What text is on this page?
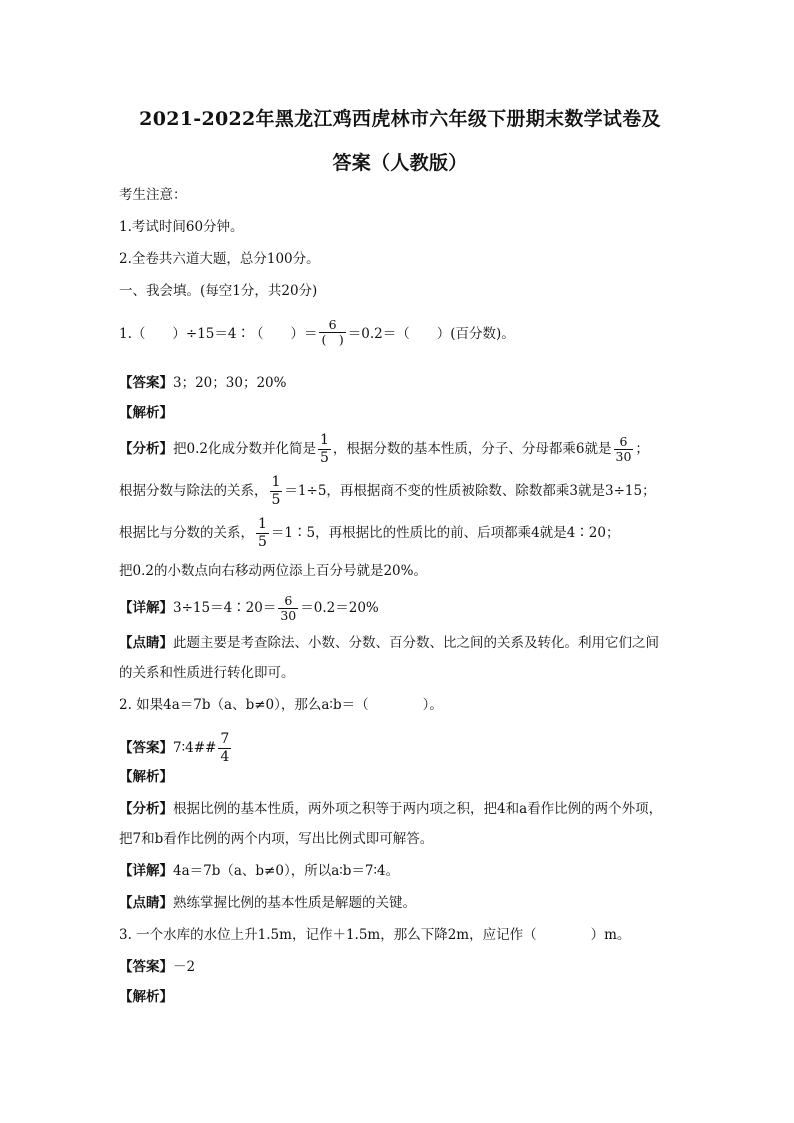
2021-2022年黑龙江鸡西虎林市六年级下册期末数学试卷及
答案（人教版）
考生注意：
1.考试时间60分钟。
2.全卷共六道大题，总分100分。
一、我会填。(每空1分，共20分)
1.（　　）÷15＝4∶（　　）＝ $\frac{6}{( )} =0.2=$（　　）(百分数)。
【答案】3；20；30；20%
【解析】
【分析】把0.2化成分数并化简是 $\frac{1}{5}$ ，根据分数的基本性质，分子、分母都乘6就是 $\frac{6}{30}$ ；
根据分数与除法的关系， $\frac{1}{5} =1\div 5$，再根据商不变的性质被除数、除数都乘3就是3÷15；
根据比与分数的关系， $\frac{1}{5}$ ＝1∶5，再根据比的性质比的前、后项都乘4就是4∶20；
把0.2的小数点向右移动两位添上百分号就是20%。
【详解】3÷15＝4∶20＝ $\frac{6}{30} =0.2=20\%$
【点睛】此题主要是考查除法、小数、分数、百分数、比之间的关系及转化。利用它们之间
的关系和性质进行转化即可。
2. 如果4a＝7b（a、b≠0），那么a∶b＝（　　　　）。
【答案】7∶4## $\frac{7}{4}$
【解析】
【分析】根据比例的基本性质，两外项之积等于两内项之积，把4和a看作比例的两个外项，
把7和b看作比例的两个内项，写出比例式即可解答。
【详解】4a＝7b（a、b≠0），所以a∶b＝7∶4。
【点睛】熟练掌握比例的基本性质是解题的关键。
3. 一个水库的水位上升1.5m，记作＋1.5m，那么下降2m，应记作（　　　　）m。
【答案】－2
【解析】
